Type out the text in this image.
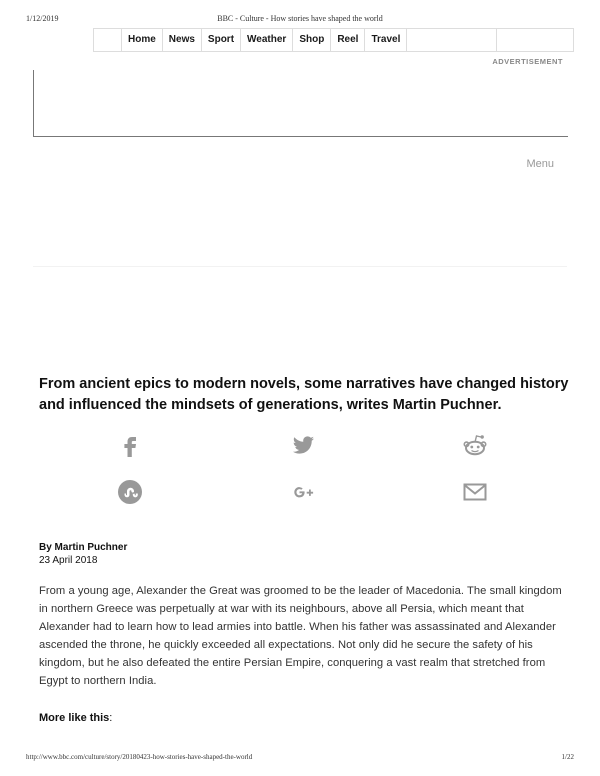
1/12/2019	BBC - Culture - How stories have shaped the world
Home	News	Sport	Weather	Shop	Reel	Travel
ADVERTISEMENT
Menu
From ancient epics to modern novels, some narratives have changed history and influenced the mindsets of generations, writes Martin Puchner.
By Martin Puchner
23 April 2018

From a young age, Alexander the Great was groomed to be the leader of Macedonia. The small kingdom in northern Greece was perpetually at war with its neighbours, above all Persia, which meant that Alexander had to learn how to lead armies into battle. When his father was assassinated and Alexander ascended the throne, he quickly exceeded all expectations. Not only did he secure the safety of his kingdom, but he also defeated the entire Persian Empire, conquering a vast realm that stretched from Egypt to northern India.

More like this:
http://www.bbc.com/culture/story/20180423-how-stories-have-shaped-the-world	1/22
